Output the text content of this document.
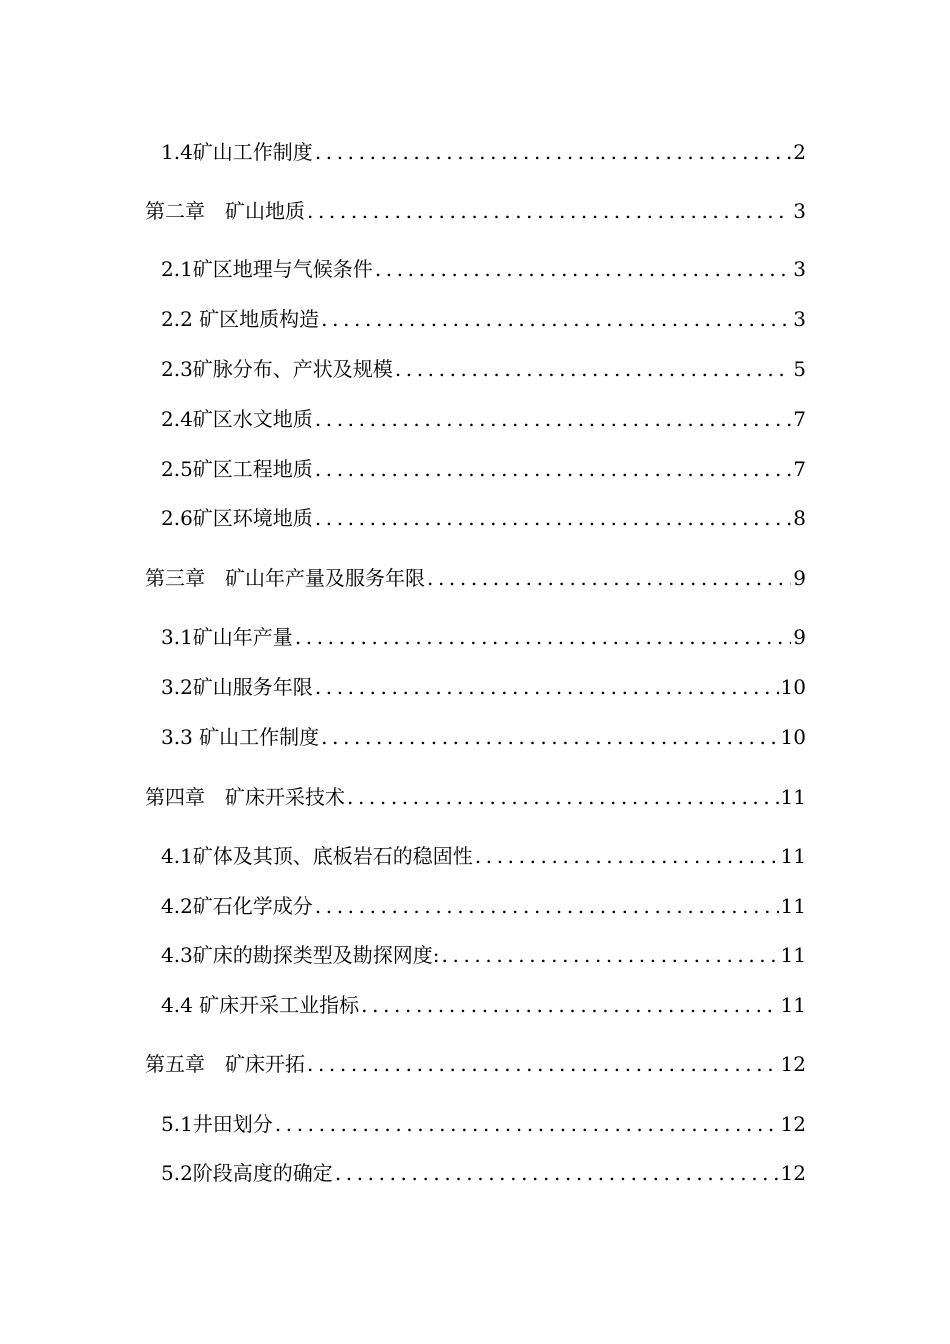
1.4矿山工作制度 .....	2
第二章　矿山地质 .....	3
2.1矿区地理与气候条件 .....	3
2.2 矿区地质构造 .....	3
2.3矿脉分布、产状及规模 .....	5
2.4矿区水文地质 .....	7
2.5矿区工程地质 .....	7
2.6矿区环境地质 .....	8
第三章　矿山年产量及服务年限 .....	9
3.1矿山年产量 .....	9
3.2矿山服务年限 .....	10
3.3 矿山工作制度 .....	10
第四章　矿床开采技术 .....	11
4.1矿体及其顶、底板岩石的稳固性 .....	11
4.2矿石化学成分 .....	11
4.3矿床的勘探类型及勘探网度: .....	11
4.4 矿床开采工业指标 .....	11
第五章　矿床开拓 .....	12
5.1井田划分 .....	12
5.2阶段高度的确定 .....	12
